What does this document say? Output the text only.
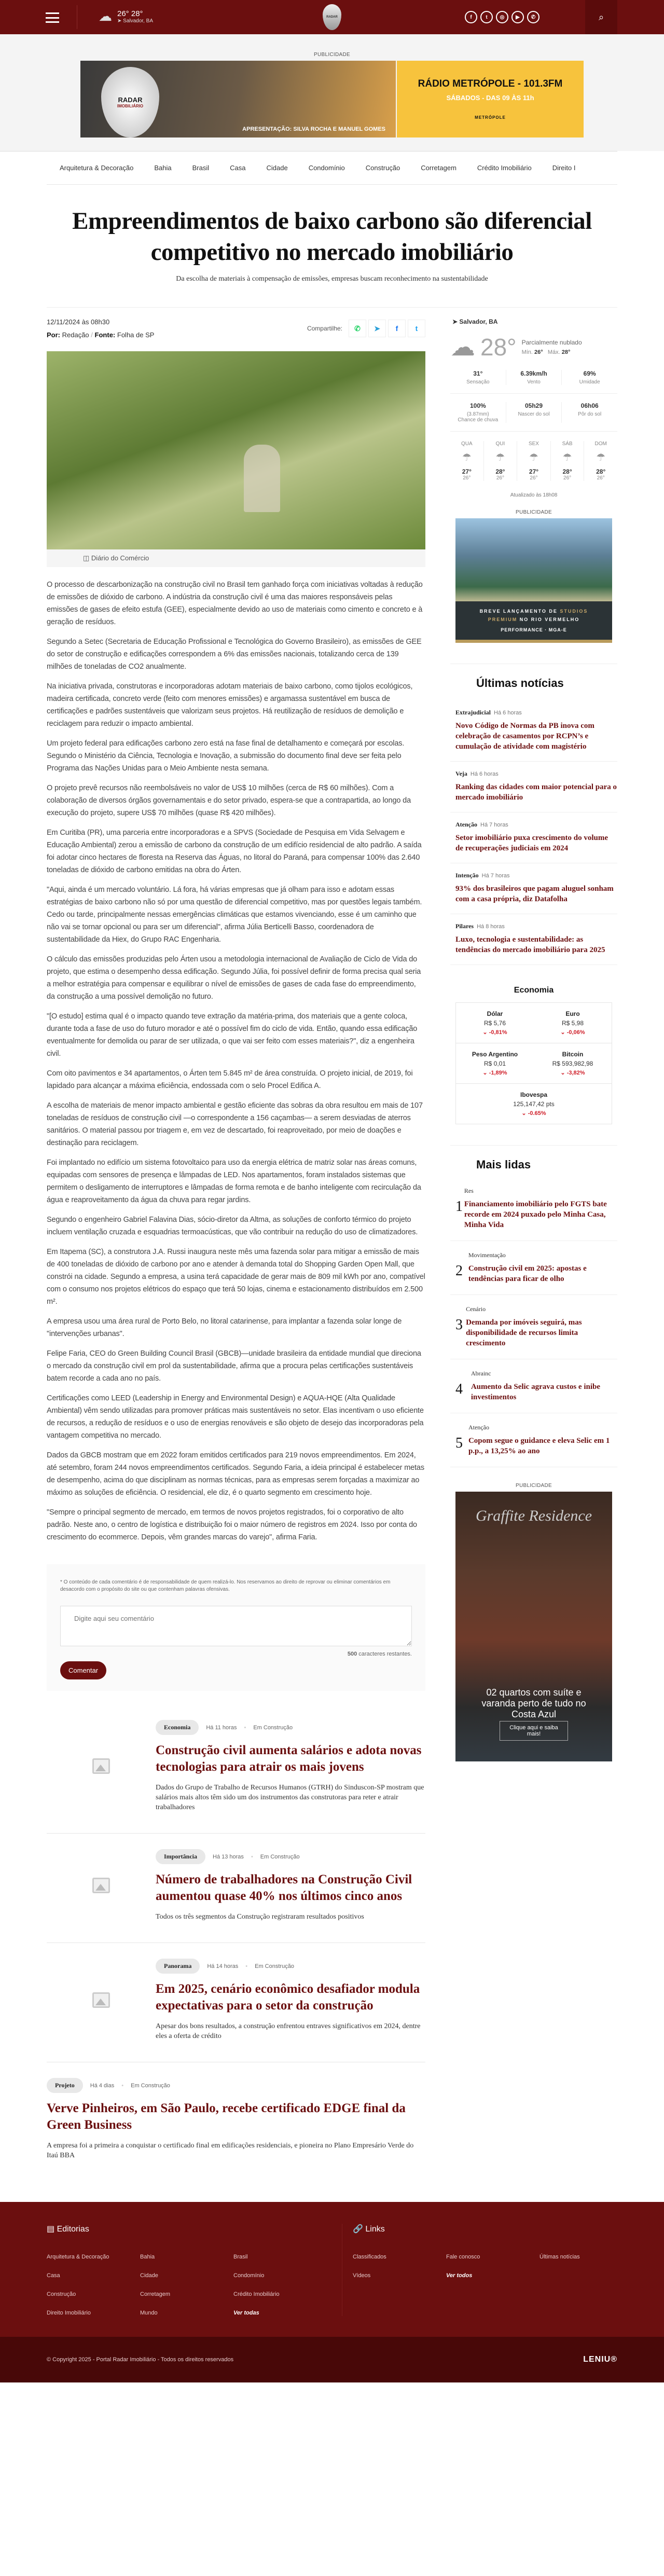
☁ 26° 28°
➤ Salvador, BA
RADAR	f	t	◎	▶	✆	⌕
PUBLICIDADE
RADAR
IMOBILIÁRIO
APRESENTAÇÃO: SILVA ROCHA E MANUEL GOMES
RÁDIO METRÓPOLE - 101.3FM
SÁBADOS - DAS 09 ÀS 11h
METRÓPOLE
Arquitetura & Decoração	Bahia	Brasil	Casa	Cidade	Condomínio	Construção	Corretagem	Crédito Imobiliário	Direito I
Empreendimentos de baixo carbono são diferencial competitivo no mercado imobiliário

Da escolha de materiais à compensação de emissões, empresas buscam reconhecimento na sustentabilidade

12/11/2024 às 08h30
Por: Redação / Fonte: Folha de SP
Compartilhe:	✆	➤	f	t
◫ Diário do Comércio

O processo de descarbonização na construção civil no Brasil tem ganhado força com iniciativas voltadas à redução de emissões de dióxido de carbono. A indústria da construção civil é uma das maiores responsáveis pelas emissões de gases de efeito estufa (GEE), especialmente devido ao uso de materiais como cimento e concreto e à geração de resíduos.

Segundo a Setec (Secretaria de Educação Profissional e Tecnológica do Governo Brasileiro), as emissões de GEE do setor de construção e edificações correspondem a 6% das emissões nacionais, totalizando cerca de 139 milhões de toneladas de CO2 anualmente.

Na iniciativa privada, construtoras e incorporadoras adotam materiais de baixo carbono, como tijolos ecológicos, madeira certificada, concreto verde (feito com menores emissões) e argamassa sustentável em busca de certificações e padrões sustentáveis que valorizam seus projetos. Há reutilização de resíduos de demolição e reciclagem para reduzir o impacto ambiental.

Um projeto federal para edificações carbono zero está na fase final de detalhamento e começará por escolas. Segundo o Ministério da Ciência, Tecnologia e Inovação, a submissão do documento final deve ser feita pelo Programa das Nações Unidas para o Meio Ambiente nesta semana.

O projeto prevê recursos não reembolsáveis no valor de US$ 10 milhões (cerca de R$ 60 milhões). Com a colaboração de diversos órgãos governamentais e do setor privado, espera-se que a contrapartida, ao longo da execução do projeto, supere US$ 70 milhões (quase R$ 420 milhões).

Em Curitiba (PR), uma parceria entre incorporadoras e a SPVS (Sociedade de Pesquisa em Vida Selvagem e Educação Ambiental) zerou a emissão de carbono da construção de um edifício residencial de alto padrão. A saída foi adotar cinco hectares de floresta na Reserva das Águas, no litoral do Paraná, para compensar 100% das 2.640 toneladas de dióxido de carbono emitidas na obra do Árten.

"Aqui, ainda é um mercado voluntário. Lá fora, há várias empresas que já olham para isso e adotam essas estratégias de baixo carbono não só por uma questão de diferencial competitivo, mas por questões legais também. Cedo ou tarde, principalmente nessas emergências climáticas que estamos vivenciando, esse é um caminho que não vai se tornar opcional ou para ser um diferencial", afirma Júlia Berticelli Basso, coordenadora de sustentabilidade da Hiex, do Grupo RAC Engenharia.

O cálculo das emissões produzidas pelo Árten usou a metodologia internacional de Avaliação de Ciclo de Vida do projeto, que estima o desempenho dessa edificação. Segundo Júlia, foi possível definir de forma precisa qual seria a melhor estratégia para compensar e equilibrar o nível de emissões de gases de cada fase do empreendimento, da construção a uma possível demolição no futuro.

"[O estudo] estima qual é o impacto quando teve extração da matéria-prima, dos materiais que a gente coloca, durante toda a fase de uso do futuro morador e até o possível fim do ciclo de vida. Então, quando essa edificação eventualmente for demolida ou parar de ser utilizada, o que vai ser feito com esses materiais?", diz a engenheira civil.

Com oito pavimentos e 34 apartamentos, o Árten tem 5.845 m² de área construída. O projeto inicial, de 2019, foi lapidado para alcançar a máxima eficiência, endossada com o selo Procel Edifica A.

A escolha de materiais de menor impacto ambiental e gestão eficiente das sobras da obra resultou em mais de 107 toneladas de resíduos de construção civil —o correspondente a 156 caçambas— a serem desviadas de aterros sanitários. O material passou por triagem e, em vez de descartado, foi reaproveitado, por meio de doações e destinação para reciclagem.

Foi implantado no edifício um sistema fotovoltaico para uso da energia elétrica de matriz solar nas áreas comuns, equipadas com sensores de presença e lâmpadas de LED. Nos apartamentos, foram instalados sistemas que permitem o desligamento de interruptores e lâmpadas de forma remota e de banho inteligente com recirculação da água e reaproveitamento da água da chuva para regar jardins.

Segundo o engenheiro Gabriel Falavina Dias, sócio-diretor da Altma, as soluções de conforto térmico do projeto incluem ventilação cruzada e esquadrias termoacústicas, que vão contribuir na redução do uso de climatizadores.

Em Itapema (SC), a construtora J.A. Russi inaugura neste mês uma fazenda solar para mitigar a emissão de mais de 400 toneladas de dióxido de carbono por ano e atender à demanda total do Shopping Garden Open Mall, que constrói na cidade. Segundo a empresa, a usina terá capacidade de gerar mais de 809 mil kWh por ano, compatível com o consumo nos projetos elétricos do espaço que terá 50 lojas, cinema e estacionamento distribuídos em 2.500 m².

A empresa usou uma área rural de Porto Belo, no litoral catarinense, para implantar a fazenda solar longe de "intervenções urbanas".

Felipe Faria, CEO do Green Building Council Brasil (GBCB)—unidade brasileira da entidade mundial que direciona o mercado da construção civil em prol da sustentabilidade, afirma que a procura pelas certificações sustentáveis batem recorde a cada ano no país.

Certificações como LEED (Leadership in Energy and Environmental Design) e AQUA-HQE (Alta Qualidade Ambiental) vêm sendo utilizadas para promover práticas mais sustentáveis no setor. Elas incentivam o uso eficiente de recursos, a redução de resíduos e o uso de energias renováveis e são objeto de desejo das incorporadoras pela vantagem competitiva no mercado.

Dados da GBCB mostram que em 2022 foram emitidos certificados para 219 novos empreendimentos. Em 2024, até setembro, foram 244 novos empreendimentos certificados. Segundo Faria, a ideia principal é estabelecer metas de desempenho, acima do que disciplinam as normas técnicas, para as empresas serem forçadas a maximizar ao máximo as soluções de eficiência. O residencial, ele diz, é o quarto segmento em crescimento hoje.

"Sempre o principal segmento de mercado, em termos de novos projetos registrados, foi o corporativo de alto padrão. Neste ano, o centro de logística e distribuição foi o maior número de registros em 2024. Isso por conta do crescimento do ecommerce. Depois, vêm grandes marcas do varejo", afirma Faria.

* O conteúdo de cada comentário é de responsabilidade de quem realizá-lo. Nos reservamos ao direito de reprovar ou eliminar comentários em desacordo com o propósito do site ou que contenham palavras ofensivas.
Digite aqui seu comentário
500 caracteres restantes.
Comentar
Economia	Há 11 horas • Em Construção
Construção civil aumenta salários e adota novas tecnologias para atrair os mais jovens
Dados do Grupo de Trabalho de Recursos Humanos (GTRH) do Sinduscon-SP mostram que salários mais altos têm sido um dos instrumentos das construtoras para reter e atrair trabalhadores
Importância	Há 13 horas • Em Construção
Número de trabalhadores na Construção Civil aumentou quase 40% nos últimos cinco anos
Todos os três segmentos da Construção registraram resultados positivos
Panorama	Há 14 horas • Em Construção
Em 2025, cenário econômico desafiador modula expectativas para o setor da construção
Apesar dos bons resultados, a construção enfrentou entraves significativos em 2024, dentre eles a oferta de crédito
Projeto	Há 4 dias • Em Construção
Verve Pinheiros, em São Paulo, recebe certificado EDGE final da Green Business
A empresa foi a primeira a conquistar o certificado final em edificações residenciais, e pioneira no Plano Empresário Verde do Itaú BBA
➤ Salvador, BA
☁ 28° Parcialmente nublado
Mín. 26° Máx. 28°
31°
Sensação
6.39km/h
Vento
69%
Umidade
100%
(3.87mm)
Chance de chuva
05h29
Nascer do sol
06h06
Pôr do sol
QUA
☂
27°
26°
QUI
☂
28°
26°
SEX
☂
27°
26°
SÁB
☂
28°
26°
DOM
☂
28°
26°
Atualizado às 18h08
PUBLICIDADE
BREVE LANÇAMENTO DE STUDIOS
PREMIUM NO RIO VERMELHO
PERFORMANCE · MGA-E
Últimas notícias
Extrajudicial Há 6 horas
Novo Código de Normas da PB inova com celebração de casamentos por RCPN’s e cumulação de atividade com magistério
Veja Há 6 horas
Ranking das cidades com maior potencial para o mercado imobiliário
Atenção Há 7 horas
Setor imobiliário puxa crescimento do volume de recuperações judiciais em 2024
Intenção Há 7 horas
93% dos brasileiros que pagam aluguel sonham com a casa própria, diz Datafolha
Pilares Há 8 horas
Luxo, tecnologia e sustentabilidade: as tendências do mercado imobiliário para 2025
Economia
Dólar
R$ 5,76
⌄ -0,81%
Euro
R$ 5,98
⌄ -0,06%
Peso Argentino
R$ 0,01
⌄ -1,89%
Bitcoin
R$ 593,982,98
⌄ -3,82%
Ibovespa
125,147,42 pts
⌄ -0.65%
Mais lidas
1
Res
Financiamento imobiliário pelo FGTS bate recorde em 2024 puxado pelo Minha Casa, Minha Vida
2
Movimentação
Construção civil em 2025: apostas e tendências para ficar de olho
3
Cenário
Demanda por imóveis seguirá, mas disponibilidade de recursos limita crescimento
4
Abrainc
Aumento da Selic agrava custos e inibe investimentos
5
Atenção
Copom segue o guidance e eleva Selic em 1 p.p., a 13,25% ao ano
PUBLICIDADE
Graffite Residence
02 quartos com suíte e varanda perto de tudo no Costa Azul
Clique aqui e saiba mais!
▤ Editorias
Arquitetura & Decoração	Bahia	Brasil
Casa	Cidade	Condomínio
Construção	Corretagem	Crédito Imobiliário
Direito Imobiliário	Mundo	Ver todas
🔗 Links
Classificados	Fale conosco	Últimas notícias
Vídeos	Ver todos
© Copyright 2025 - Portal Radar Imobiliário - Todos os direitos reservados	LENIU®
